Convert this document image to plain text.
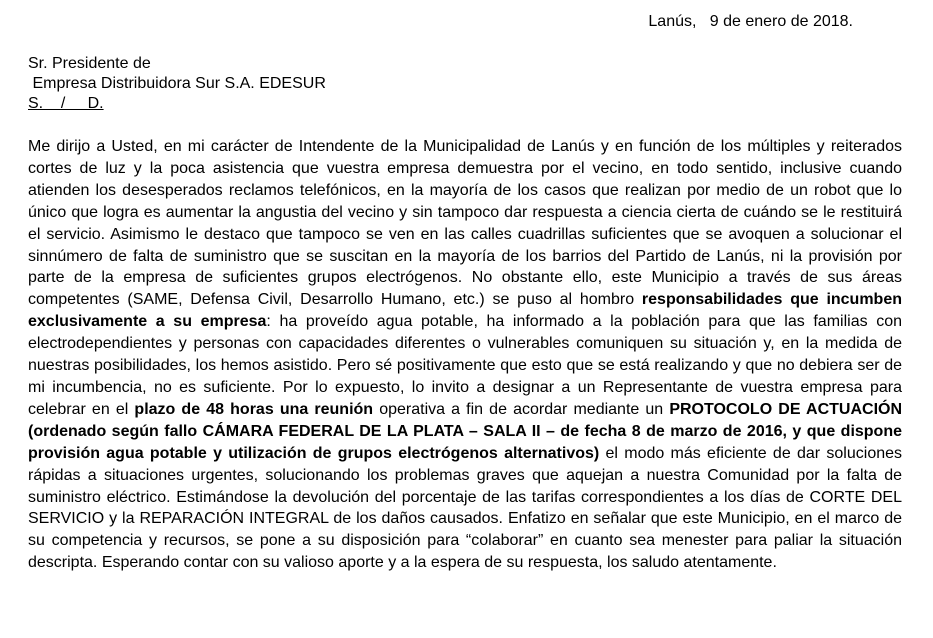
Lanús,   9 de enero de 2018.
Sr. Presidente de
Empresa Distribuidora Sur S.A. EDESUR
S.    /     D.

Me dirijo a Usted, en mi carácter de Intendente de la Municipalidad de Lanús y en función de los múltiples y reiterados cortes de luz y la poca asistencia que vuestra empresa demuestra por el vecino, en todo sentido, inclusive cuando atienden los desesperados reclamos telefónicos, en la mayoría de los casos que realizan por medio de un robot que lo único que logra es aumentar la angustia del vecino y sin tampoco dar respuesta a ciencia cierta de cuándo se le restituirá el servicio. Asimismo le destaco que tampoco se ven en las calles cuadrillas suficientes que se avoquen a solucionar el sinnúmero de falta de suministro que se suscitan en la mayoría de los barrios del Partido de Lanús, ni la provisión por parte de la empresa de suficientes grupos electrógenos. No obstante ello, este Municipio a través de sus áreas competentes (SAME, Defensa Civil, Desarrollo Humano, etc.) se puso al hombro responsabilidades que incumben exclusivamente a su empresa: ha proveído agua potable, ha informado a la población para que las familias con electrodependientes y personas con capacidades diferentes o vulnerables comuniquen su situación y, en la medida de nuestras posibilidades, los hemos asistido. Pero sé positivamente que esto que se está realizando y que no debiera ser de mi incumbencia, no es suficiente. Por lo expuesto, lo invito a designar a un Representante de vuestra empresa para celebrar en el plazo de 48 horas una reunión operativa a fin de acordar mediante un PROTOCOLO DE ACTUACIÓN (ordenado según fallo CÁMARA FEDERAL DE LA PLATA – SALA II – de fecha 8 de marzo de 2016, y que dispone provisión agua potable y utilización de grupos electrógenos alternativos) el modo más eficiente de dar soluciones rápidas a situaciones urgentes, solucionando los problemas graves que aquejan a nuestra Comunidad por la falta de suministro eléctrico. Estimándose la devolución del porcentaje de las tarifas correspondientes a los días de CORTE DEL SERVICIO y la REPARACIÓN INTEGRAL de los daños causados. Enfatizo en señalar que este Municipio, en el marco de su competencia y recursos, se pone a su disposición para “colaborar” en cuanto sea menester para paliar la situación descripta. Esperando contar con su valioso aporte y a la espera de su respuesta, los saludo atentamente.
